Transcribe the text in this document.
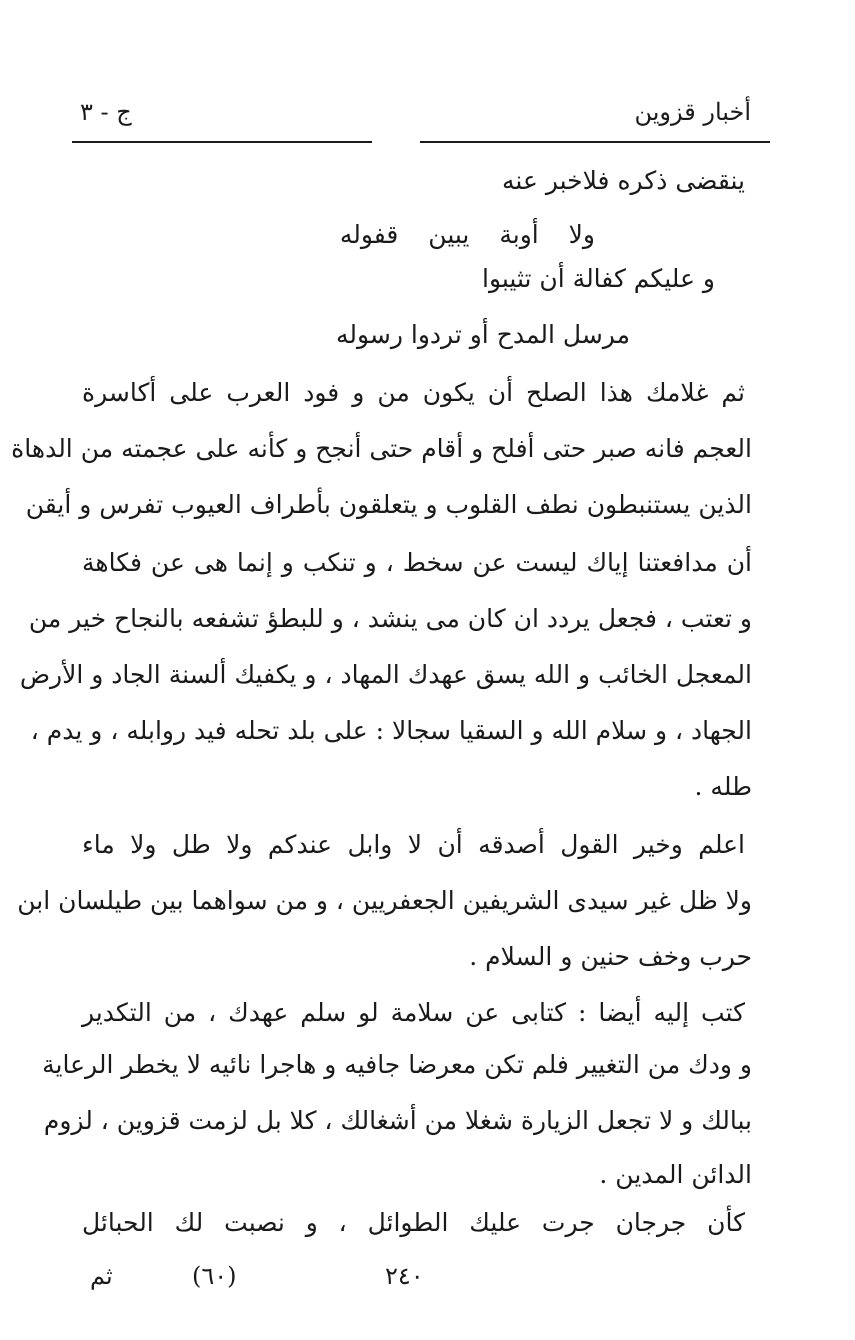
أخبار قزوين
ج - ٣
ينقضى ذكره فلاخبر عنه
ولا أوبة يبين قفوله
و عليكم كفالة أن تثيبوا
مرسل المدح أو تردوا رسوله
ثم غلامك هذا الصلح أن يكون من و فود العرب على أكاسرة
العجم فانه صبر حتى أفلح و أقام حتى أنجح و كأنه على عجمته من الدهاة
الذين يستنبطون نطف القلوب و يتعلقون بأطراف العيوب تفرس و أيقن
أن مدافعتنا إياك ليست عن سخط ، و تنكب و إنما هى عن فكاهة
و تعتب ، فجعل يردد ان كان مى ينشد ، و للبطؤ تشفعه بالنجاح خير من
المعجل الخائب و الله يسق عهدك المهاد ، و يكفيك ألسنة الجاد و الأرض
الجهاد ، و سلام الله و السقيا سجالا : على بلد تحله فيد روابله ، و يدم ،
طله .
اعلم وخير القول أصدقه أن لا وابل عندكم ولا طل ولا ماء
ولا ظل غير سيدى الشريفين الجعفريين ، و من سواهما بين طيلسان ابن
حرب وخف حنين و السلام .
كتب إليه أيضا : كتابى عن سلامة لو سلم عهدك ، من التكدير
و ودك من التغيير فلم تكن معرضا جافيه و هاجرا نائيه لا يخطر الرعاية
ببالك و لا تجعل الزيارة شغلا من أشغالك ، كلا بل لزمت قزوين ، لزوم
الدائن المدين .
كأن جرجان جرت عليك الطوائل ، و نصبت لك الحبائل
ثم	(٦٠)	٢٤٠
